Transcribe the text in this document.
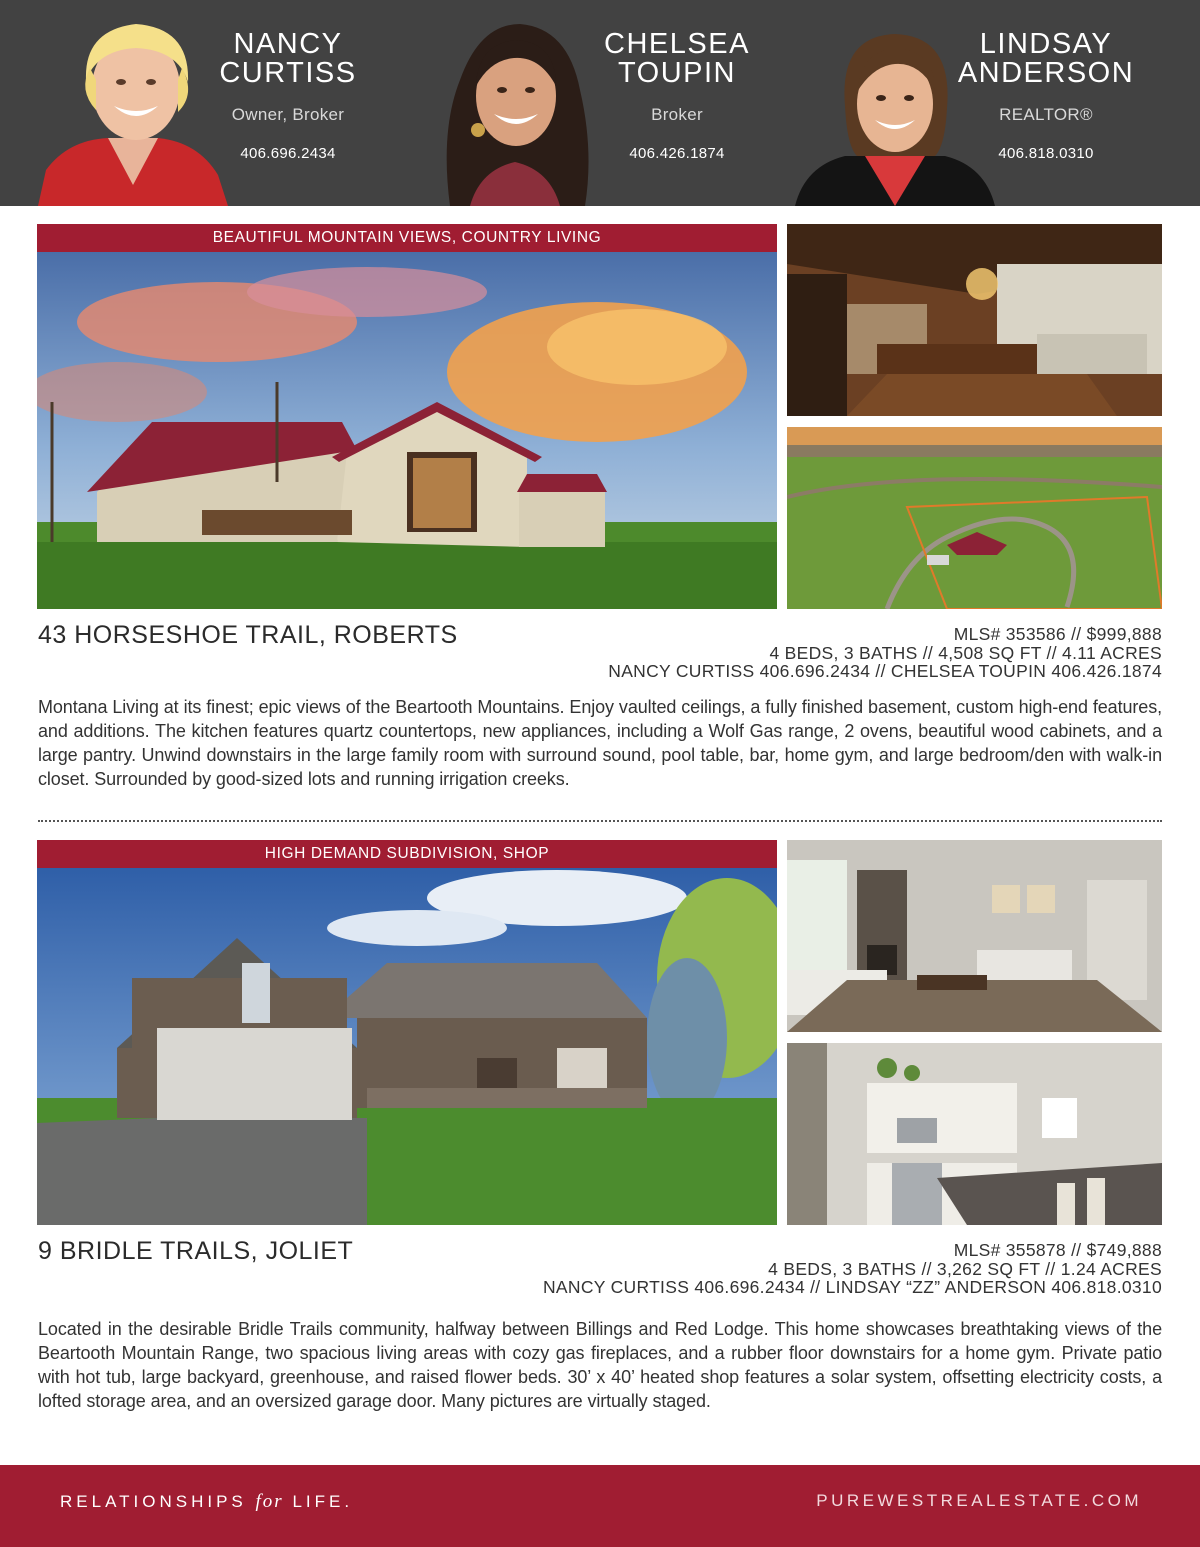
NANCY
CURTISS
Owner, Broker
406.696.2434
CHELSEA
TOUPIN
Broker
406.426.1874
LINDSAY
ANDERSON
REALTOR®
406.818.0310
BEAUTIFUL MOUNTAIN VIEWS, COUNTRY LIVING
43 HORSESHOE TRAIL, ROBERTS	MLS# 353586 // $999,888
4 BEDS, 3 BATHS // 4,508 SQ FT // 4.11 ACRES
NANCY CURTISS 406.696.2434 // CHELSEA TOUPIN 406.426.1874

Montana Living at its finest; epic views of the Beartooth Mountains. Enjoy vaulted ceilings, a fully finished basement, custom high-end features, and additions. The kitchen features quartz countertops, new appliances, including a Wolf Gas range, 2 ovens, beautiful wood cabinets, and a large pantry. Unwind downstairs in the large family room with surround sound, pool table, bar, home gym, and large bedroom/den with walk-in closet. Surrounded by good-sized lots and running irrigation creeks.

HIGH DEMAND SUBDIVISION, SHOP
9 BRIDLE TRAILS, JOLIET	MLS# 355878 // $749,888
4 BEDS, 3 BATHS // 3,262 SQ FT // 1.24 ACRES
NANCY CURTISS 406.696.2434 // LINDSAY “ZZ” ANDERSON 406.818.0310

Located in the desirable Bridle Trails community, halfway between Billings and Red Lodge. This home showcases breathtaking views of the Beartooth Mountain Range, two spacious living areas with cozy gas fireplaces, and a rubber floor downstairs for a home gym. Private patio with hot tub, large backyard, greenhouse, and raised flower beds. 30’ x 40’ heated shop features a solar system, offsetting electricity costs, a lofted storage area, and an oversized garage door. Many pictures are virtually staged.

RELATIONSHIPS for LIFE.	PUREWESTREALESTATE.COM
